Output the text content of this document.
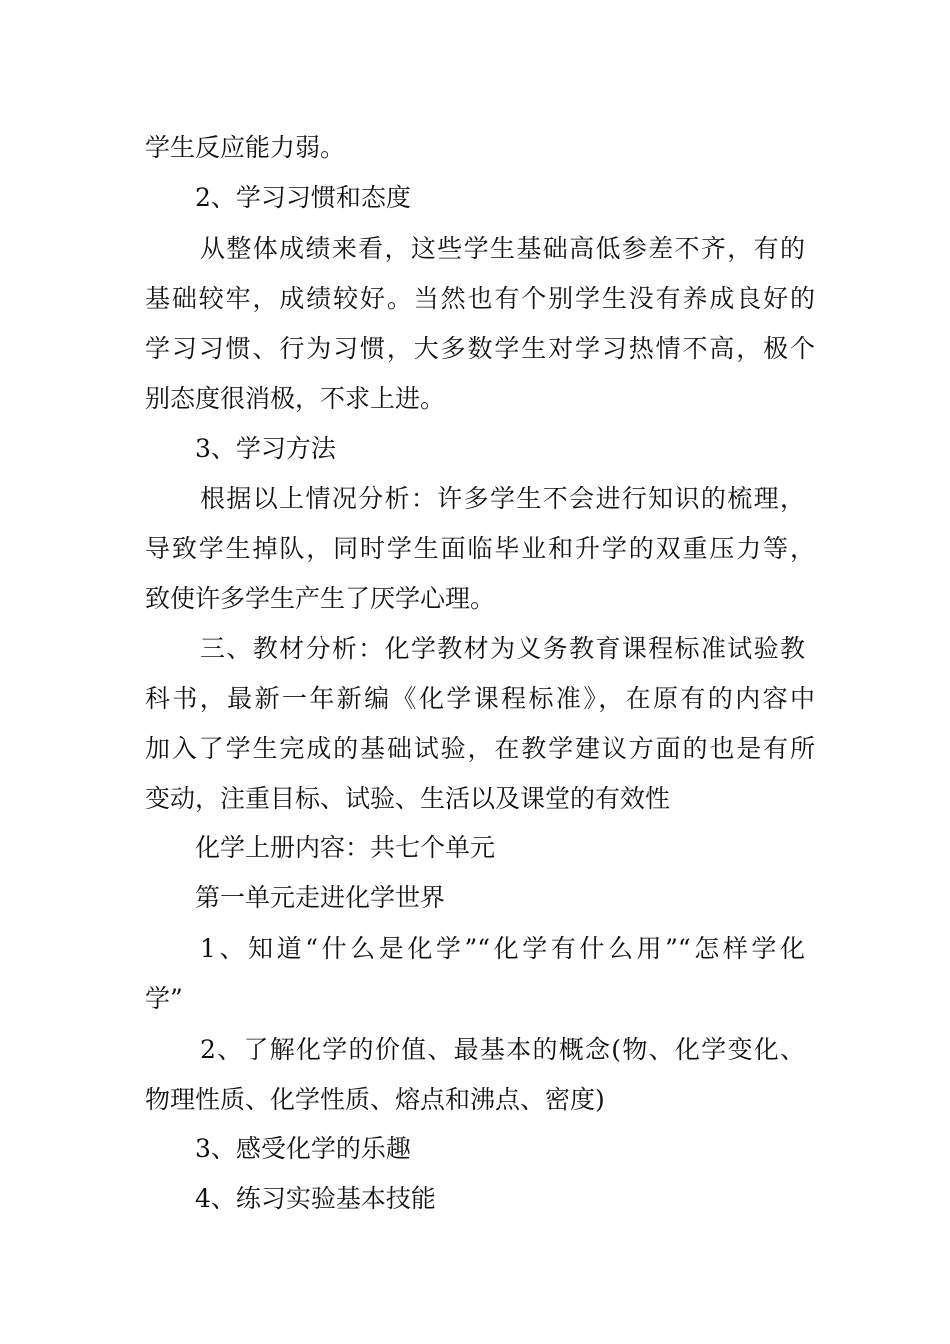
学生反应能力弱。

2、学习习惯和态度

从整体成绩来看，这些学生基础高低参差不齐，有的

基础较牢，成绩较好。当然也有个别学生没有养成良好的

学习习惯、行为习惯，大多数学生对学习热情不高，极个

别态度很消极，不求上进。

3、学习方法

根据以上情况分析：许多学生不会进行知识的梳理，

导致学生掉队，同时学生面临毕业和升学的双重压力等，

致使许多学生产生了厌学心理。

三、教材分析：化学教材为义务教育课程标准试验教

科书，最新一年新编《化学课程标准》，在原有的内容中

加入了学生完成的基础试验，在教学建议方面的也是有所

变动，注重目标、试验、生活以及课堂的有效性

化学上册内容：共七个单元

第一单元走进化学世界

1、知道“什么是化学”“化学有什么用”“怎样学化

学”

2、了解化学的价值、最基本的概念(物、化学变化、

物理性质、化学性质、熔点和沸点、密度)

3、感受化学的乐趣

4、练习实验基本技能
